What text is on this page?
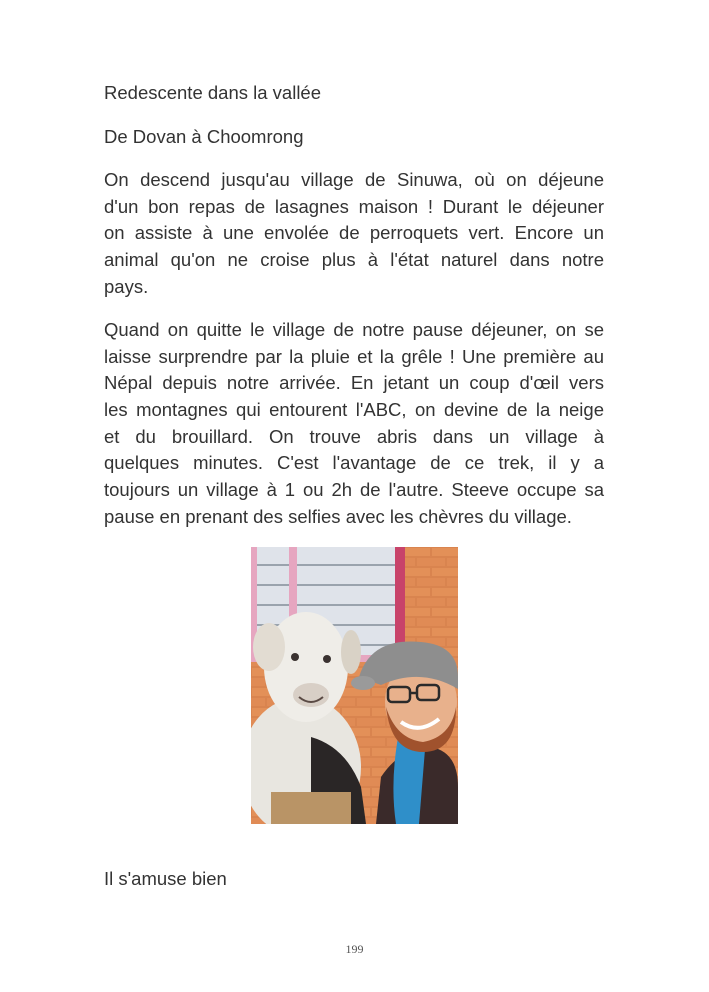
Redescente dans la vallée
De Dovan à Choomrong
On descend jusqu'au village de Sinuwa, où on déjeune
d'un bon repas de lasagnes maison ! Durant le déjeuner
on assiste à une envolée de perroquets vert. Encore un
animal qu'on ne croise plus à l'état naturel dans notre
pays.
Quand on quitte le village de notre pause déjeuner, on se
laisse surprendre par la pluie et la grêle ! Une première au
Népal depuis notre arrivée. En jetant un coup d'œil vers
les montagnes qui entourent l'ABC, on devine de la neige
et du brouillard. On trouve abris dans un village à
quelques minutes. C'est l'avantage de ce trek, il y a
toujours un village à 1 ou 2h de l'autre. Steeve occupe sa
pause en prenant des selfies avec les chèvres du village.
Il s'amuse bien
199
